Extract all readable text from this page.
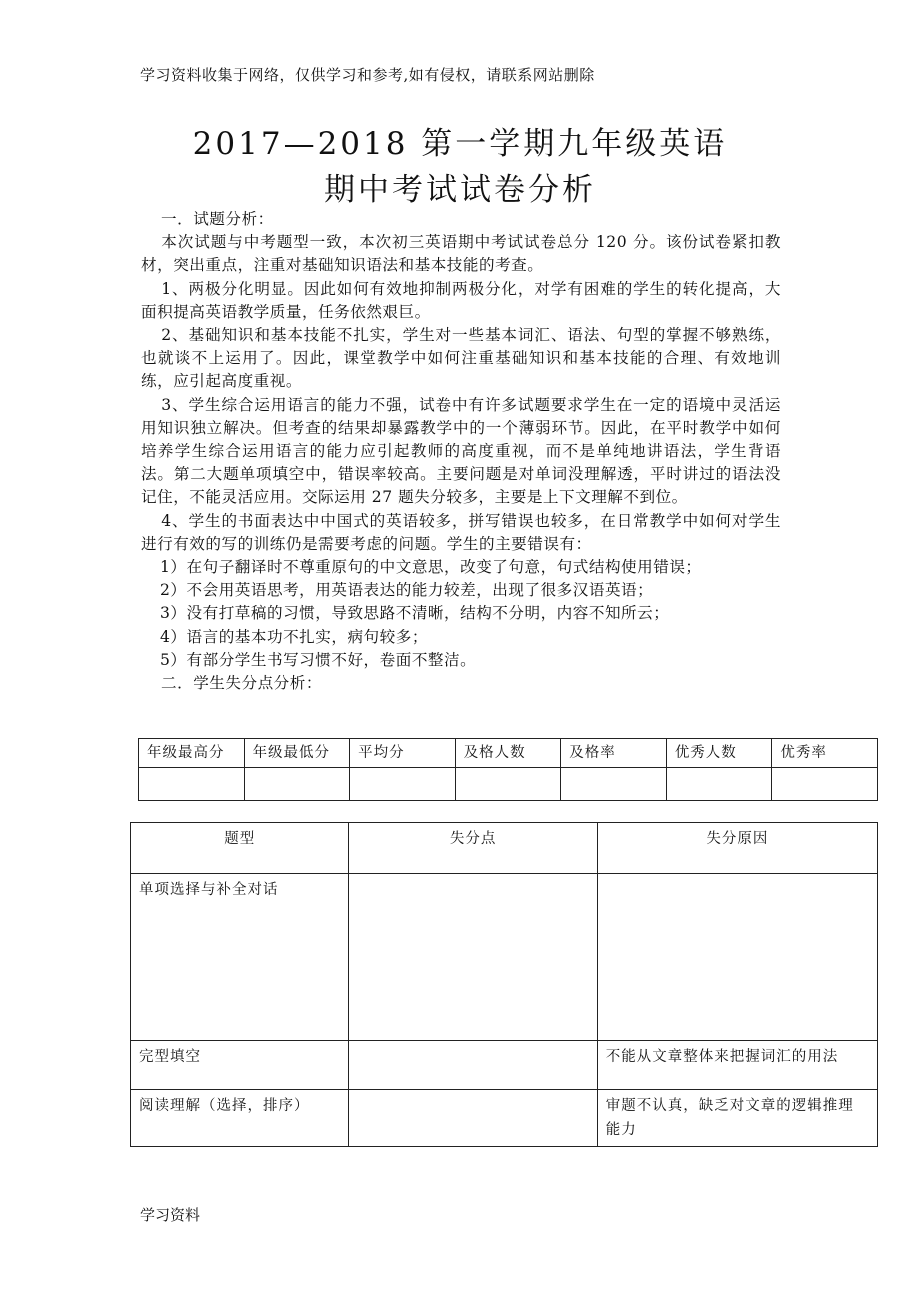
学习资料收集于网络，仅供学习和参考,如有侵权，请联系网站删除
2017—2018 第一学期九年级英语
期中考试试卷分析

一．试题分析：

本次试题与中考题型一致，本次初三英语期中考试试卷总分 120 分。该份试卷紧扣教材，突出重点，注重对基础知识语法和基本技能的考查。

1、两极分化明显。因此如何有效地抑制两极分化，对学有困难的学生的转化提高，大面积提高英语教学质量，任务依然艰巨。

2、基础知识和基本技能不扎实，学生对一些基本词汇、语法、句型的掌握不够熟练，也就谈不上运用了。因此，课堂教学中如何注重基础知识和基本技能的合理、有效地训练，应引起高度重视。

3、学生综合运用语言的能力不强，试卷中有许多试题要求学生在一定的语境中灵活运用知识独立解决。但考查的结果却暴露教学中的一个薄弱环节。因此，在平时教学中如何培养学生综合运用语言的能力应引起教师的高度重视，而不是单纯地讲语法，学生背语法。第二大题单项填空中，错误率较高。主要问题是对单词没理解透，平时讲过的语法没记住，不能灵活应用。交际运用 27 题失分较多，主要是上下文理解不到位。

4、学生的书面表达中中国式的英语较多，拼写错误也较多，在日常教学中如何对学生进行有效的写的训练仍是需要考虑的问题。学生的主要错误有：

1）在句子翻译时不尊重原句的中文意思，改变了句意，句式结构使用错误；

2）不会用英语思考，用英语表达的能力较差，出现了很多汉语英语；

3）没有打草稿的习惯，导致思路不清晰，结构不分明，内容不知所云；

4）语言的基本功不扎实，病句较多；

5）有部分学生书写习惯不好，卷面不整洁。

二．学生失分点分析：

年级最高分	年级最低分	平均分	及格人数	及格率	优秀人数	优秀率

题型	失分点	失分原因
单项选择与补全对话		
完型填空		不能从文章整体来把握词汇的用法
阅读理解（选择，排序）		审题不认真，缺乏对文章的逻辑推理能力
学习资料
